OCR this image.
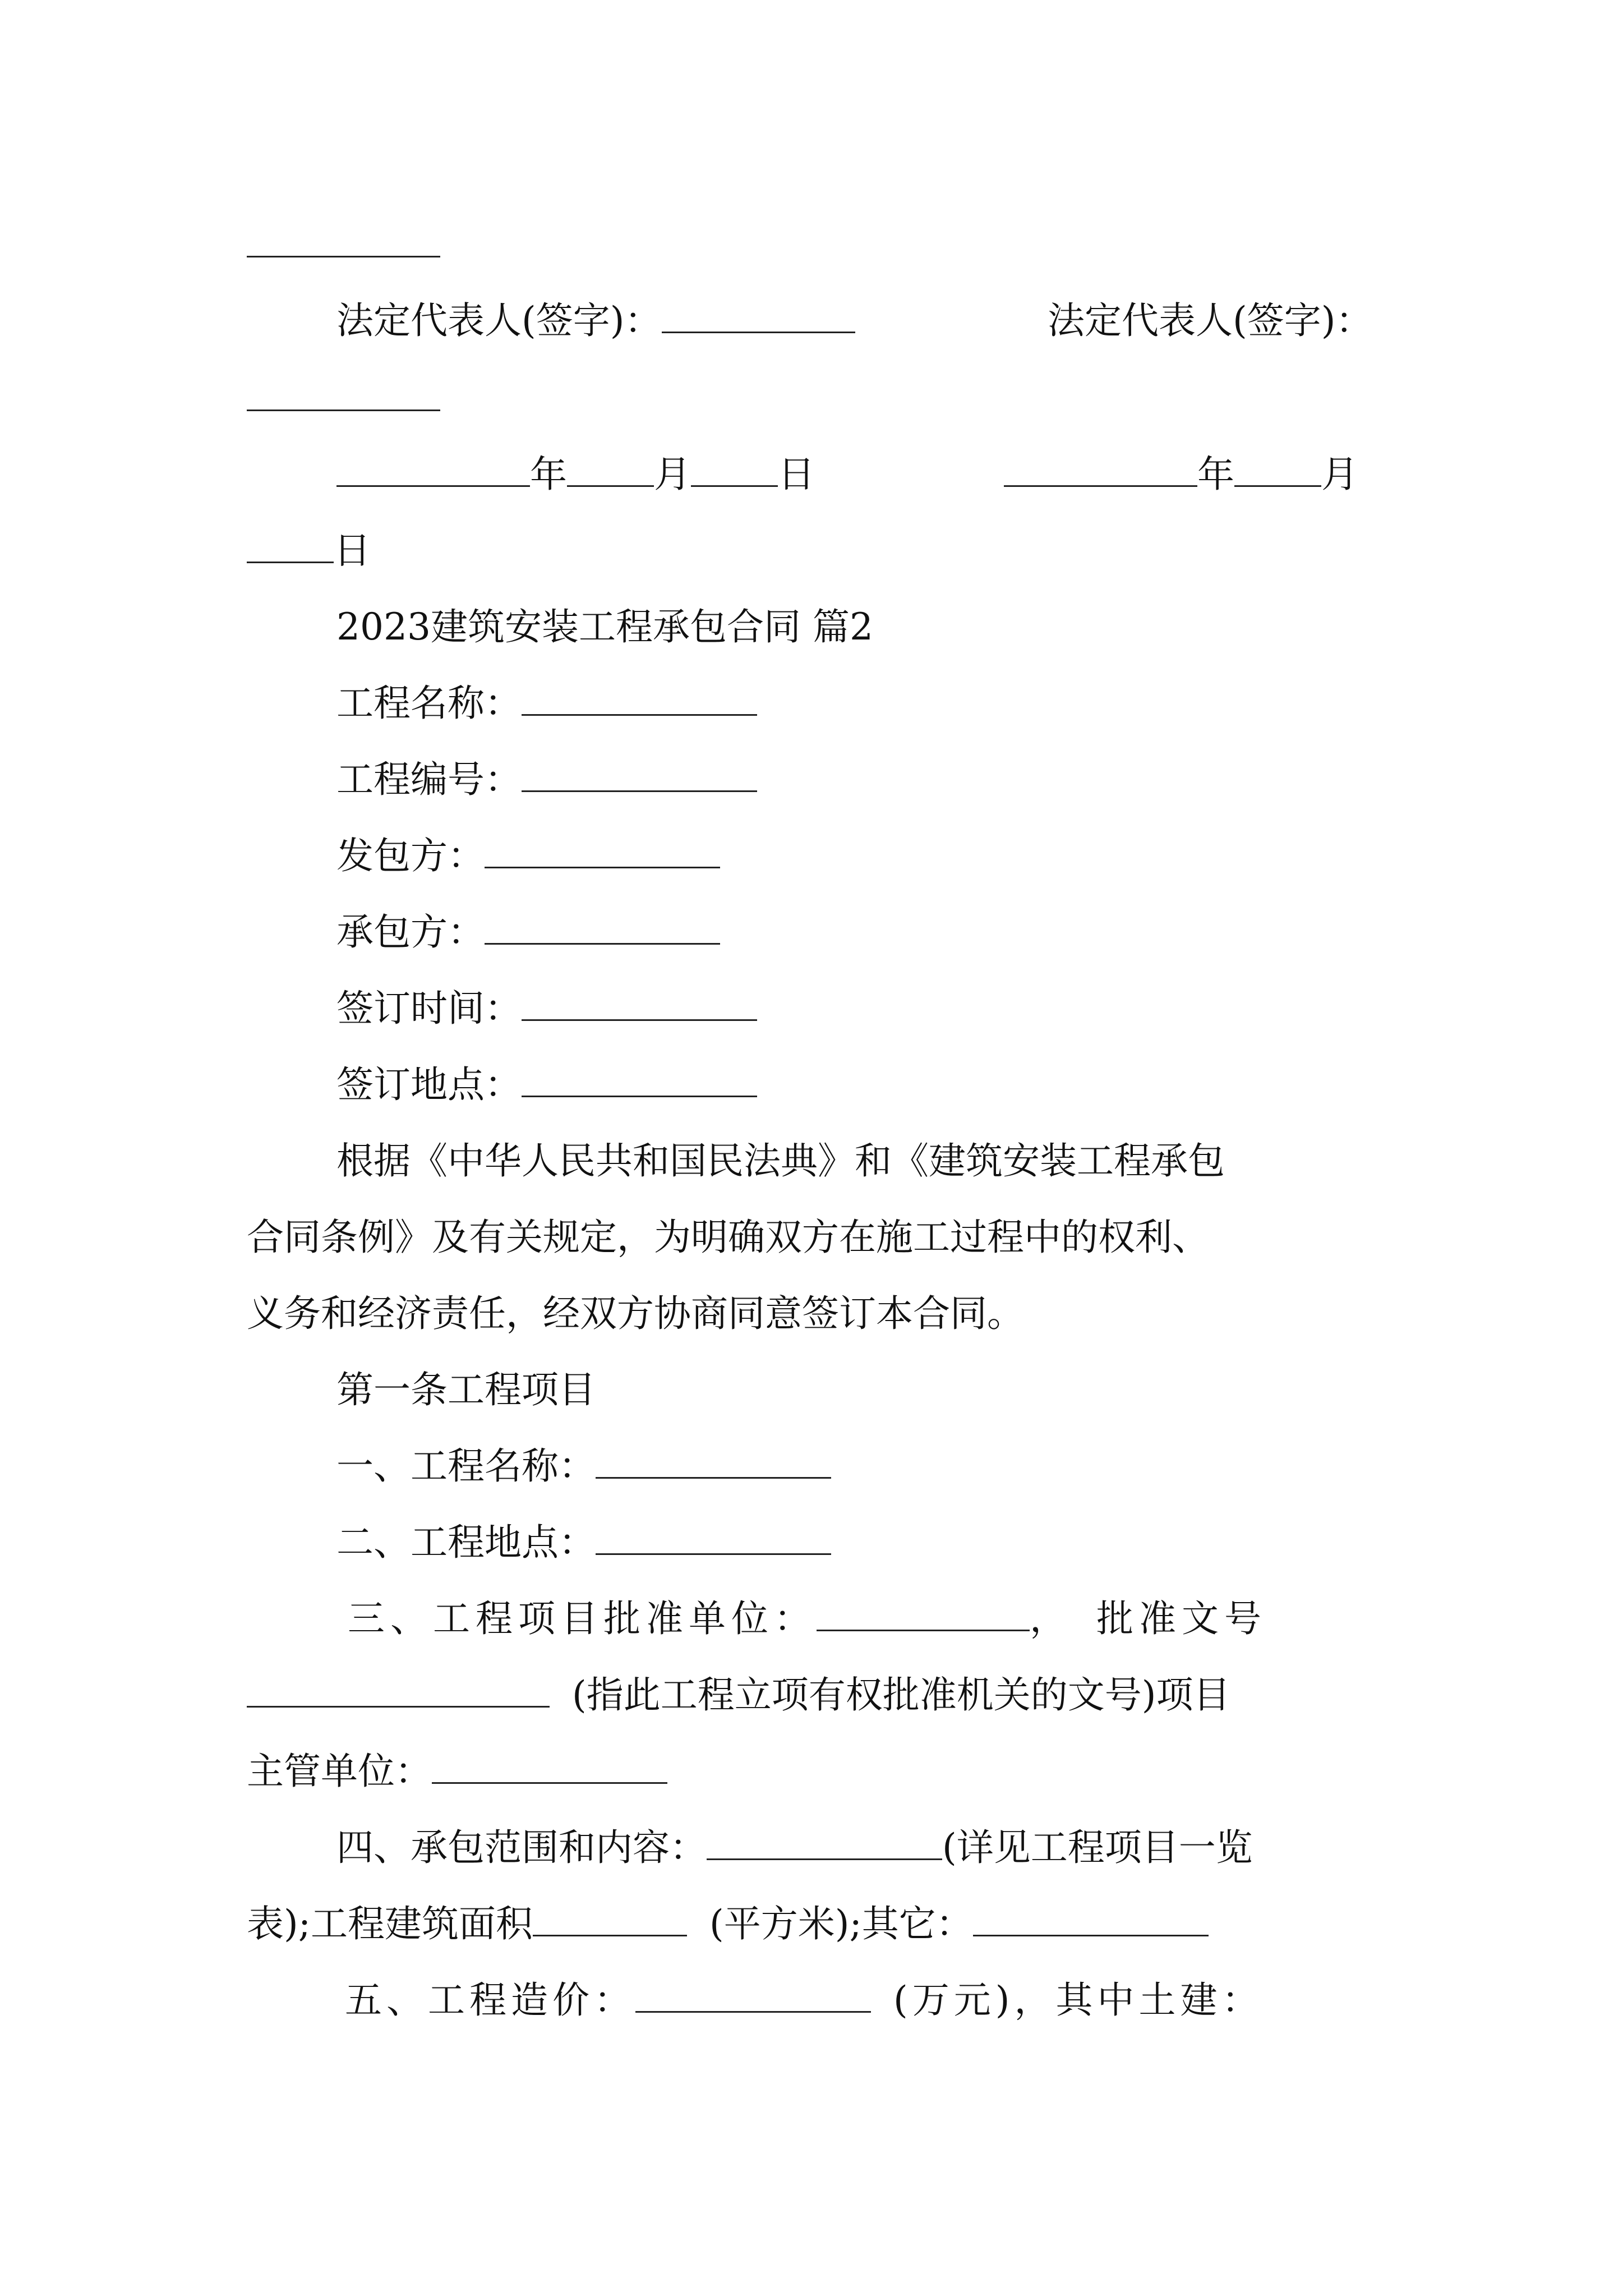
法定代表人(签字)：	法定代表人(签字)：
年 月 日	年 月
日
2023建筑安装工程承包合同 篇2
工程名称：
工程编号：
发包方：
承包方：
签订时间：
签订地点：
根据《中华人民共和国民法典》和《建筑安装工程承包
合同条例》及有关规定，为明确双方在施工过程中的权利、
义务和经济责任，经双方协商同意签订本合同。
第一条工程项目
一、工程名称：
二、工程地点：
三、工程项目批准单位：	，　批准文号
(指此工程立项有权批准机关的文号)项目
主管单位：
四、承包范围和内容：	(详见工程项目一览
表);工程建筑面积	(平方米);其它：
五、工程造价：	(万元)，其中土建：
